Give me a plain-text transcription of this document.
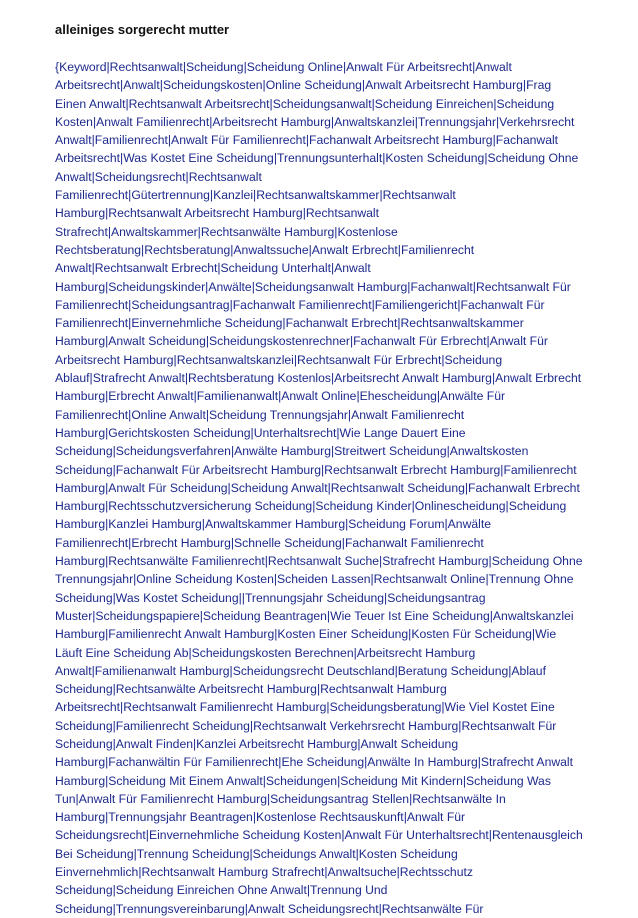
alleiniges sorgerecht mutter
{Keyword|Rechtsanwalt|Scheidung|Scheidung Online|Anwalt Für Arbeitsrecht|Anwalt
Arbeitsrecht|Anwalt|Scheidungskosten|Online Scheidung|Anwalt Arbeitsrecht Hamburg|Frag
Einen Anwalt|Rechtsanwalt Arbeitsrecht|Scheidungsanwalt|Scheidung Einreichen|Scheidung
Kosten|Anwalt Familienrecht|Arbeitsrecht Hamburg|Anwaltskanzlei|Trennungsjahr|Verkehrsrecht
Anwalt|Familienrecht|Anwalt Für Familienrecht|Fachanwalt Arbeitsrecht Hamburg|Fachanwalt
Arbeitsrecht|Was Kostet Eine Scheidung|Trennungsunterhalt|Kosten Scheidung|Scheidung Ohne
Anwalt|Scheidungsrecht|Rechtsanwalt
Familienrecht|Gütertrennung|Kanzlei|Rechtsanwaltskammer|Rechtsanwalt
Hamburg|Rechtsanwalt Arbeitsrecht Hamburg|Rechtsanwalt
Strafrecht|Anwaltskammer|Rechtsanwälte Hamburg|Kostenlose
Rechtsberatung|Rechtsberatung|Anwaltssuche|Anwalt Erbrecht|Familienrecht
Anwalt|Rechtsanwalt Erbrecht|Scheidung Unterhalt|Anwalt
Hamburg|Scheidungskinder|Anwälte|Scheidungsanwalt Hamburg|Fachanwalt|Rechtsanwalt Für
Familienrecht|Scheidungsantrag|Fachanwalt Familienrecht|Familiengericht|Fachanwalt Für
Familienrecht|Einvernehmliche Scheidung|Fachanwalt Erbrecht|Rechtsanwaltskammer
Hamburg|Anwalt Scheidung|Scheidungskostenrechner|Fachanwalt Für Erbrecht|Anwalt Für
Arbeitsrecht Hamburg|Rechtsanwaltskanzlei|Rechtsanwalt Für Erbrecht|Scheidung
Ablauf|Strafrecht Anwalt|Rechtsberatung Kostenlos|Arbeitsrecht Anwalt Hamburg|Anwalt Erbrecht
Hamburg|Erbrecht Anwalt|Familienanwalt|Anwalt Online|Ehescheidung|Anwälte Für
Familienrecht|Online Anwalt|Scheidung Trennungsjahr|Anwalt Familienrecht
Hamburg|Gerichtskosten Scheidung|Unterhaltsrecht|Wie Lange Dauert Eine
Scheidung|Scheidungsverfahren|Anwälte Hamburg|Streitwert Scheidung|Anwaltskosten
Scheidung|Fachanwalt Für Arbeitsrecht Hamburg|Rechtsanwalt Erbrecht Hamburg|Familienrecht
Hamburg|Anwalt Für Scheidung|Scheidung Anwalt|Rechtsanwalt Scheidung|Fachanwalt Erbrecht
Hamburg|Rechtsschutzversicherung Scheidung|Scheidung Kinder|Onlinescheidung|Scheidung
Hamburg|Kanzlei Hamburg|Anwaltskammer Hamburg|Scheidung Forum|Anwälte
Familienrecht|Erbrecht Hamburg|Schnelle Scheidung|Fachanwalt Familienrecht
Hamburg|Rechtsanwälte Familienrecht|Rechtsanwalt Suche|Strafrecht Hamburg|Scheidung Ohne
Trennungsjahr|Online Scheidung Kosten|Scheiden Lassen|Rechtsanwalt Online|Trennung Ohne
Scheidung|Was Kostet Scheidung||Trennungsjahr Scheidung|Scheidungsantrag
Muster|Scheidungspapiere|Scheidung Beantragen|Wie Teuer Ist Eine Scheidung|Anwaltskanzlei
Hamburg|Familienrecht Anwalt Hamburg|Kosten Einer Scheidung|Kosten Für Scheidung|Wie
Läuft Eine Scheidung Ab|Scheidungskosten Berechnen|Arbeitsrecht Hamburg
Anwalt|Familienanwalt Hamburg|Scheidungsrecht Deutschland|Beratung Scheidung|Ablauf
Scheidung|Rechtsanwälte Arbeitsrecht Hamburg|Rechtsanwalt Hamburg
Arbeitsrecht|Rechtsanwalt Familienrecht Hamburg|Scheidungsberatung|Wie Viel Kostet Eine
Scheidung|Familienrecht Scheidung|Rechtsanwalt Verkehrsrecht Hamburg|Rechtsanwalt Für
Scheidung|Anwalt Finden|Kanzlei Arbeitsrecht Hamburg|Anwalt Scheidung
Hamburg|Fachanwältin Für Familienrecht|Ehe Scheidung|Anwälte In Hamburg|Strafrecht Anwalt
Hamburg|Scheidung Mit Einem Anwalt|Scheidungen|Scheidung Mit Kindern|Scheidung Was
Tun|Anwalt Für Familienrecht Hamburg|Scheidungsantrag Stellen|Rechtsanwälte In
Hamburg|Trennungsjahr Beantragen|Kostenlose Rechtsauskunft|Anwalt Für
Scheidungsrecht|Einvernehmliche Scheidung Kosten|Anwalt Für Unterhaltsrecht|Rentenausgleich
Bei Scheidung|Trennung Scheidung|Scheidungs Anwalt|Kosten Scheidung
Einvernehmlich|Rechtsanwalt Hamburg Strafrecht|Anwaltsuche|Rechtsschutz
Scheidung|Scheidung Einreichen Ohne Anwalt|Trennung Und
Scheidung|Trennungsvereinbarung|Anwalt Scheidungsrecht|Rechtsanwälte Für
